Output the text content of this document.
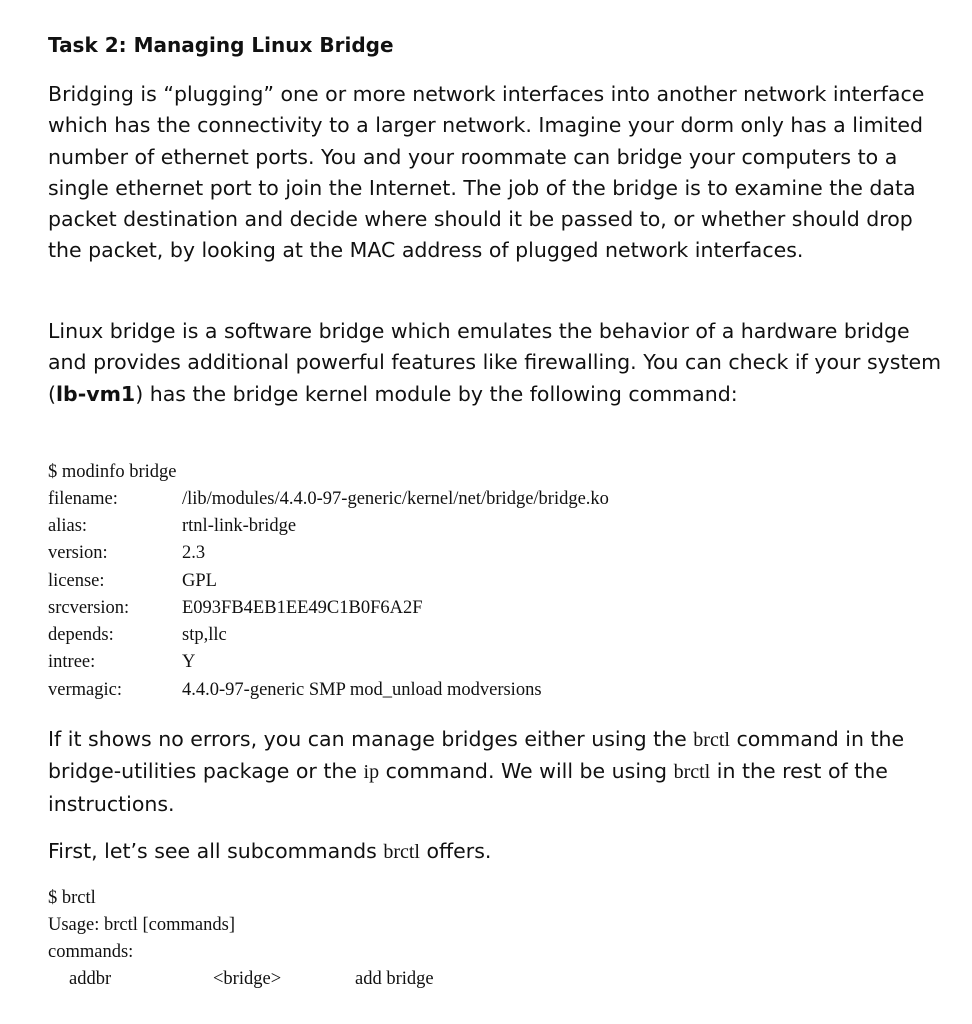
Task 2: Managing Linux Bridge

Bridging is “plugging” one or more network interfaces into another network interface which has the connectivity to a larger network. Imagine your dorm only has a limited number of ethernet ports. You and your roommate can bridge your computers to a single ethernet port to join the Internet. The job of the bridge is to examine the data packet destination and decide where should it be passed to, or whether should drop the packet, by looking at the MAC address of plugged network interfaces.

Linux bridge is a software bridge which emulates the behavior of a hardware bridge and provides additional powerful features like firewalling. You can check if your system (lb-vm1) has the bridge kernel module by the following command:

$ modinfo bridge
filename:	/lib/modules/4.4.0-97-generic/kernel/net/bridge/bridge.ko
alias:	rtnl-link-bridge
version:	2.3
license:	GPL
srcversion:	E093FB4EB1EE49C1B0F6A2F
depends:	stp,llc
intree:	Y
vermagic:	4.4.0-97-generic SMP mod_unload modversions

If it shows no errors, you can manage bridges either using the brctl command in the bridge-utilities package or the ip command. We will be using brctl in the rest of the instructions.

First, let’s see all subcommands brctl offers.

$ brctl
Usage: brctl [commands]
commands:
addbr	<bridge>	add bridge
